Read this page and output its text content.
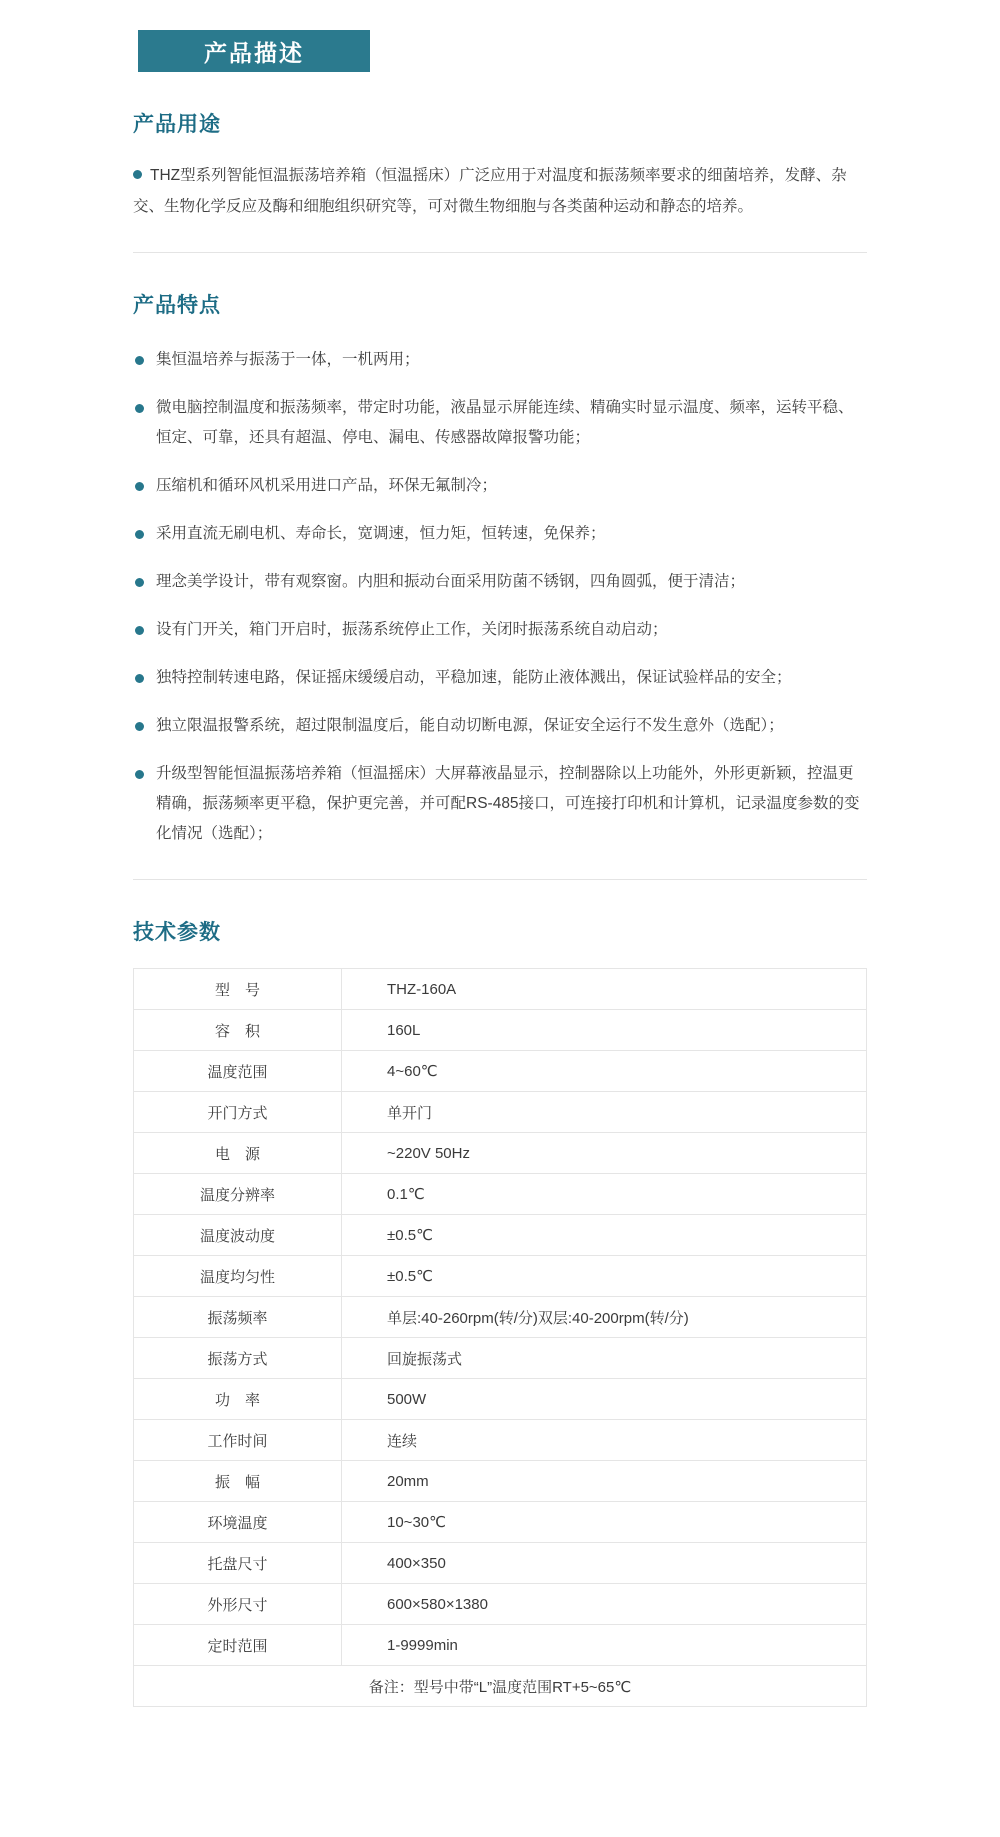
产品描述
产品用途

THZ型系列智能恒温振荡培养箱（恒温摇床）广泛应用于对温度和振荡频率要求的细菌培养，发酵、杂交、生物化学反应及酶和细胞组织研究等，可对微生物细胞与各类菌种运动和静态的培养。

产品特点
集恒温培养与振荡于一体，一机两用；
微电脑控制温度和振荡频率，带定时功能，液晶显示屏能连续、精确实时显示温度、频率，运转平稳、恒定、可靠，还具有超温、停电、漏电、传感器故障报警功能；
压缩机和循环风机采用进口产品，环保无氟制冷；
采用直流无刷电机、寿命长，宽调速，恒力矩，恒转速，免保养；
理念美学设计，带有观察窗。内胆和振动台面采用防菌不锈钢，四角圆弧，便于清洁；
设有门开关，箱门开启时，振荡系统停止工作，关闭时振荡系统自动启动；
独特控制转速电路，保证摇床缓缓启动，平稳加速，能防止液体溅出，保证试验样品的安全；
独立限温报警系统，超过限制温度后，能自动切断电源，保证安全运行不发生意外（选配）；
升级型智能恒温振荡培养箱（恒温摇床）大屏幕液晶显示，控制器除以上功能外，外形更新颖，控温更精确，振荡频率更平稳，保护更完善，并可配RS-485接口，可连接打印机和计算机，记录温度参数的变化情况（选配）；
技术参数
型　号	THZ-160A
容　积	160L
温度范围	4~60℃
开门方式	单开门
电　源	~220V 50Hz
温度分辨率	0.1℃
温度波动度	±0.5℃
温度均匀性	±0.5℃
振荡频率	单层:40-260rpm(转/分)双层:40-200rpm(转/分)
振荡方式	回旋振荡式
功　率	500W
工作时间	连续
振　幅	20mm
环境温度	10~30℃
托盘尺寸	400×350
外形尺寸	600×580×1380
定时范围	1-9999min
备注：型号中带“L”温度范围RT+5~65℃	
